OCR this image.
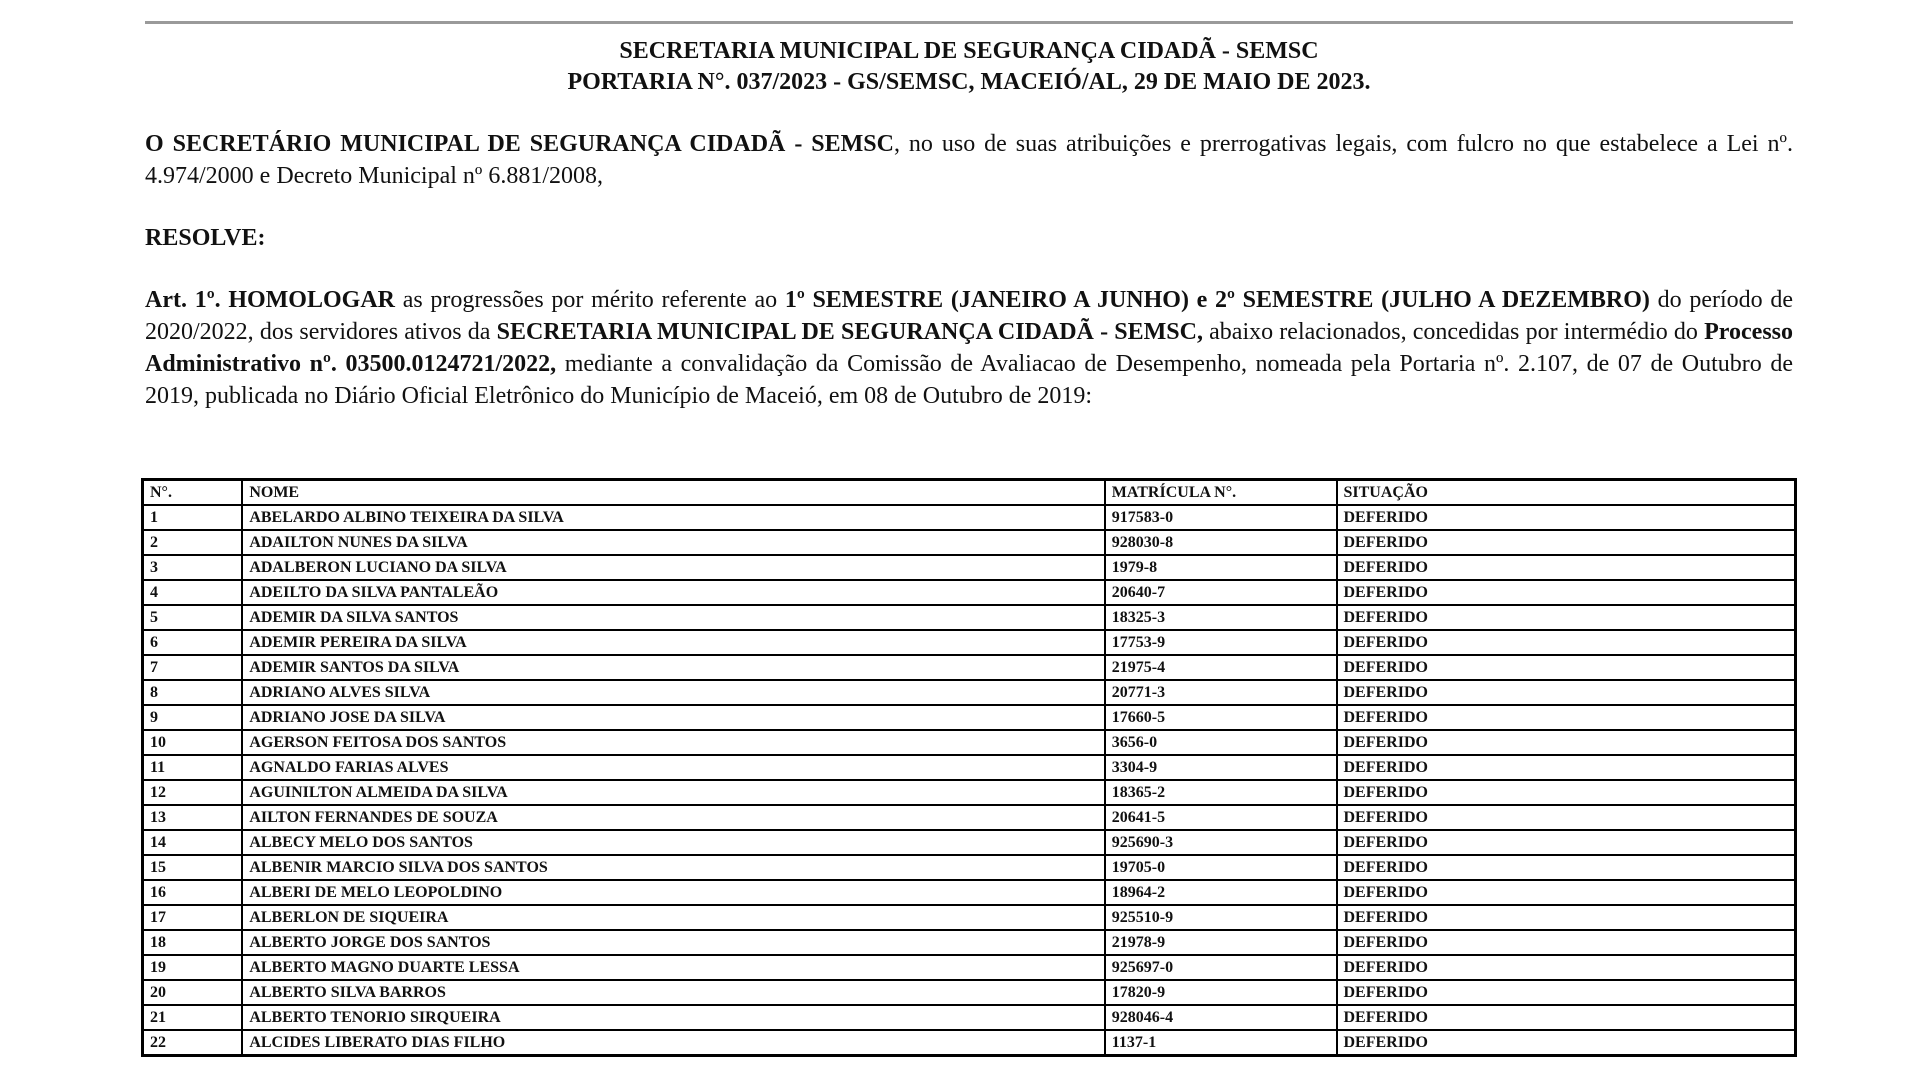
SECRETARIA MUNICIPAL DE SEGURANÇA CIDADÃ - SEMSC

PORTARIA N°. 037/2023 - GS/SEMSC, MACEIÓ/AL, 29 DE MAIO DE 2023.

O SECRETÁRIO MUNICIPAL DE SEGURANÇA CIDADÃ - SEMSC, no uso de suas atribuições e prerrogativas legais, com fulcro no que estabelece a Lei nº. 4.974/2000 e Decreto Municipal nº 6.881/2008,

RESOLVE:

Art. 1º. HOMOLOGAR as progressões por mérito referente ao 1º SEMESTRE (JANEIRO A JUNHO) e 2º SEMESTRE (JULHO A DEZEMBRO) do período de 2020/2022, dos servidores ativos da SECRETARIA MUNICIPAL DE SEGURANÇA CIDADÃ - SEMSC, abaixo relacionados, concedidas por intermédio do Processo Administrativo nº. 03500.0124721/2022, mediante a convalidação da Comissão de Avaliacao de Desempenho, nomeada pela Portaria nº. 2.107, de 07 de Outubro de 2019, publicada no Diário Oficial Eletrônico do Município de Maceió, em 08 de Outubro de 2019:

N°.	NOME	MATRÍCULA N°.	SITUAÇÃO
1	ABELARDO ALBINO TEIXEIRA DA SILVA	917583-0	DEFERIDO
2	ADAILTON NUNES DA SILVA	928030-8	DEFERIDO
3	ADALBERON LUCIANO DA SILVA	1979-8	DEFERIDO
4	ADEILTO DA SILVA PANTALEÃO	20640-7	DEFERIDO
5	ADEMIR DA SILVA SANTOS	18325-3	DEFERIDO
6	ADEMIR PEREIRA DA SILVA	17753-9	DEFERIDO
7	ADEMIR SANTOS DA SILVA	21975-4	DEFERIDO
8	ADRIANO ALVES SILVA	20771-3	DEFERIDO
9	ADRIANO JOSE DA SILVA	17660-5	DEFERIDO
10	AGERSON FEITOSA DOS SANTOS	3656-0	DEFERIDO
11	AGNALDO FARIAS ALVES	3304-9	DEFERIDO
12	AGUINILTON ALMEIDA DA SILVA	18365-2	DEFERIDO
13	AILTON FERNANDES DE SOUZA	20641-5	DEFERIDO
14	ALBECY MELO DOS SANTOS	925690-3	DEFERIDO
15	ALBENIR MARCIO SILVA DOS SANTOS	19705-0	DEFERIDO
16	ALBERI DE MELO LEOPOLDINO	18964-2	DEFERIDO
17	ALBERLON DE SIQUEIRA	925510-9	DEFERIDO
18	ALBERTO JORGE DOS SANTOS	21978-9	DEFERIDO
19	ALBERTO MAGNO DUARTE LESSA	925697-0	DEFERIDO
20	ALBERTO SILVA BARROS	17820-9	DEFERIDO
21	ALBERTO TENORIO SIRQUEIRA	928046-4	DEFERIDO
22	ALCIDES LIBERATO DIAS FILHO	1137-1	DEFERIDO
